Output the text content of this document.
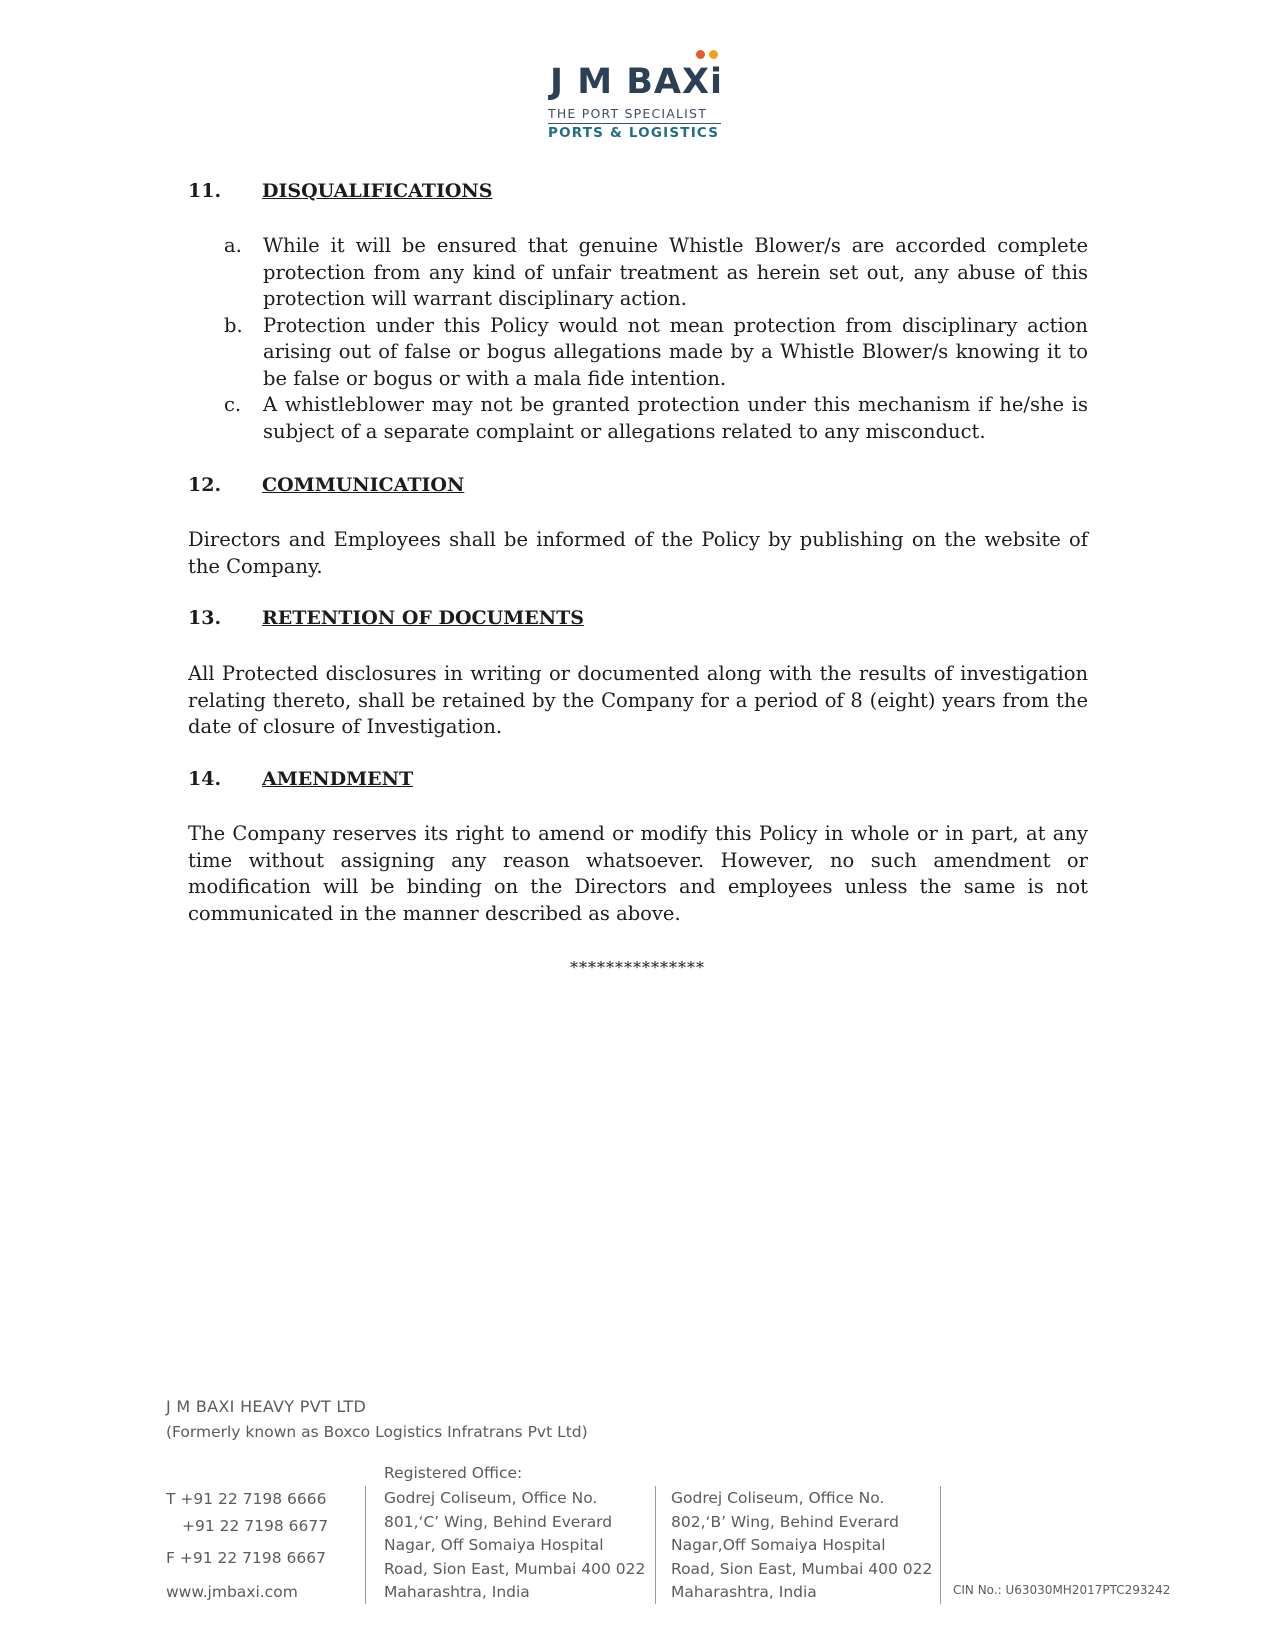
J M BAXi
THE PORT SPECIALIST
PORTS & LOGISTICS
11. DISQUALIFICATIONS
a. While it will be ensured that genuine Whistle Blower/s are accorded complete protection from any kind of unfair treatment as herein set out, any abuse of this protection will warrant disciplinary action.
b. Protection under this Policy would not mean protection from disciplinary action arising out of false or bogus allegations made by a Whistle Blower/s knowing it to be false or bogus or with a mala fide intention.
c. A whistleblower may not be granted protection under this mechanism if he/she is subject of a separate complaint or allegations related to any misconduct.
12. COMMUNICATION

Directors and Employees shall be informed of the Policy by publishing on the website of the Company.

13. RETENTION OF DOCUMENTS

All Protected disclosures in writing or documented along with the results of investigation relating thereto, shall be retained by the Company for a period of 8 (eight) years from the date of closure of Investigation.

14. AMENDMENT

The Company reserves its right to amend or modify this Policy in whole or in part, at any time without assigning any reason whatsoever. However, no such amendment or modification will be binding on the Directors and employees unless the same is not communicated in the manner described as above.

***************
J M BAXI HEAVY PVT LTD
(Formerly known as Boxco Logistics Infratrans Pvt Ltd)
T +91 22 7198 6666
+91 22 7198 6677
F +91 22 7198 6667
www.jmbaxi.com
Registered Office:
Godrej Coliseum, Office No.
801,‘C’ Wing, Behind Everard
Nagar, Off Somaiya Hospital
Road, Sion East, Mumbai 400 022
Maharashtra, India
Godrej Coliseum, Office No.
802,‘B’ Wing, Behind Everard
Nagar,Off Somaiya Hospital
Road, Sion East, Mumbai 400 022
Maharashtra, India	CIN No.: U63030MH2017PTC293242
